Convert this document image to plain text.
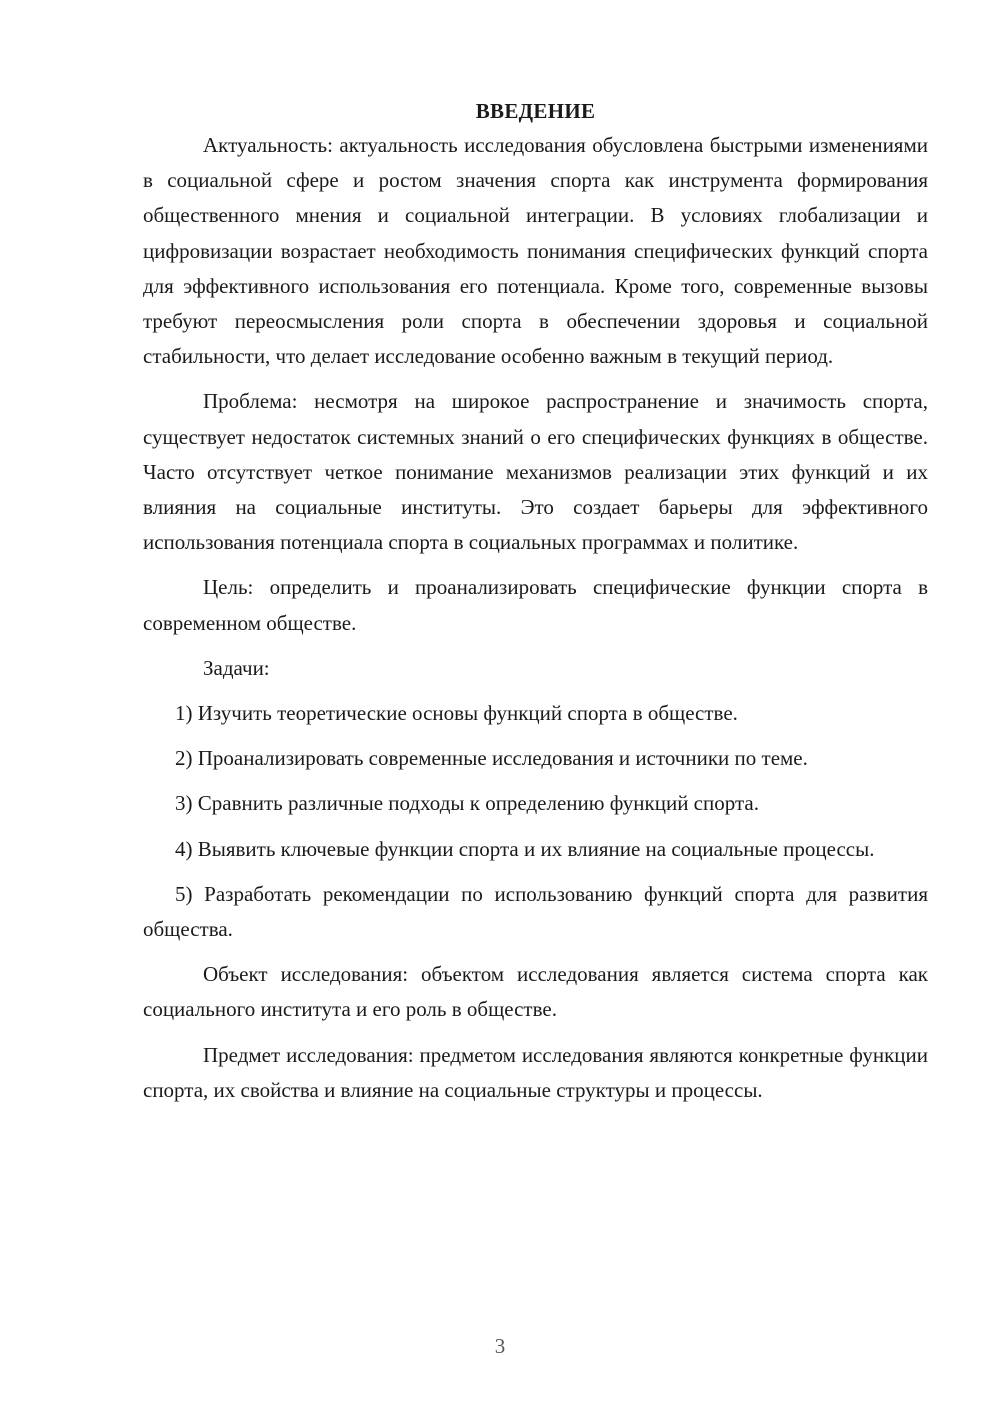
ВВЕДЕНИЕ

Актуальность: актуальность исследования обусловлена быстрыми изменениями в социальной сфере и ростом значения спорта как инструмента формирования общественного мнения и социальной интеграции. В условиях глобализации и цифровизации возрастает необходимость понимания специфических функций спорта для эффективного использования его потенциала. Кроме того, современные вызовы требуют переосмысления роли спорта в обеспечении здоровья и социальной стабильности, что делает исследование особенно важным в текущий период.

Проблема: несмотря на широкое распространение и значимость спорта, существует недостаток системных знаний о его специфических функциях в обществе. Часто отсутствует четкое понимание механизмов реализации этих функций и их влияния на социальные институты. Это создает барьеры для эффективного использования потенциала спорта в социальных программах и политике.

Цель: определить и проанализировать специфические функции спорта в современном обществе.

Задачи:

1) Изучить теоретические основы функций спорта в обществе.

2) Проанализировать современные исследования и источники по теме.

3) Сравнить различные подходы к определению функций спорта.

4) Выявить ключевые функции спорта и их влияние на социальные процессы.

5) Разработать рекомендации по использованию функций спорта для развития общества.

Объект исследования: объектом исследования является система спорта как социального института и его роль в обществе.

Предмет исследования: предметом исследования являются конкретные функции спорта, их свойства и влияние на социальные структуры и процессы.

3
